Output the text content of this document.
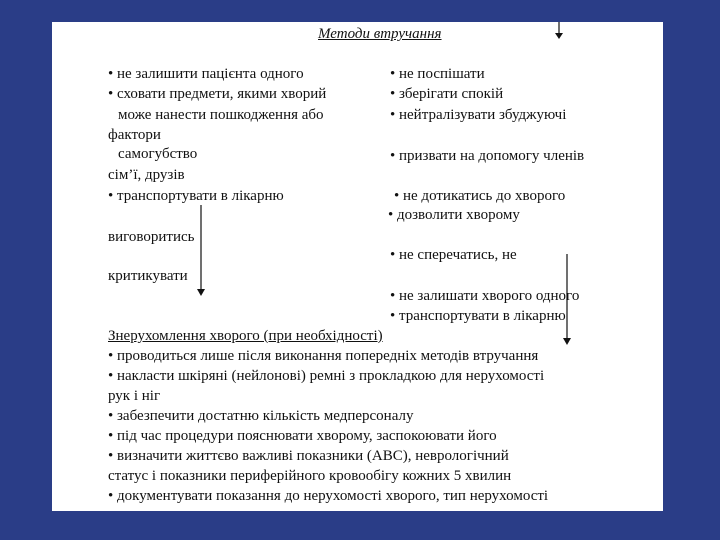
Методи втручання
• не залишити пацієнта одного
• сховати предмети, якими хворий
може нанести пошкодження або
фактори
самогубство
сім’ї, друзів
• транспортувати в лікарню
виговоритись
критикувати
• не поспішати
• зберігати спокій
• нейтралізувати збуджуючі
• призвати на допомогу членів
• не дотикатись до хворого
• дозволити хворому
• не сперечатись, не
• не залишати хворого одного
• транспортувати в лікарню
Знерухомлення хворого (при необхідності)
• проводиться лише після виконання попередніх методів втручання
• накласти шкіряні (нейлонові) ремні з прокладкою для нерухомості
рук і ніг
• забезпечити достатню кількість медперсоналу
• під час процедури пояснювати хворому, заспокоювати його
• визначити життєво важливі показники (АВС), неврологічний
статус і показники периферійного кровообігу кожних 5 хвилин
• документувати показання до нерухомості хворого, тип нерухомості
